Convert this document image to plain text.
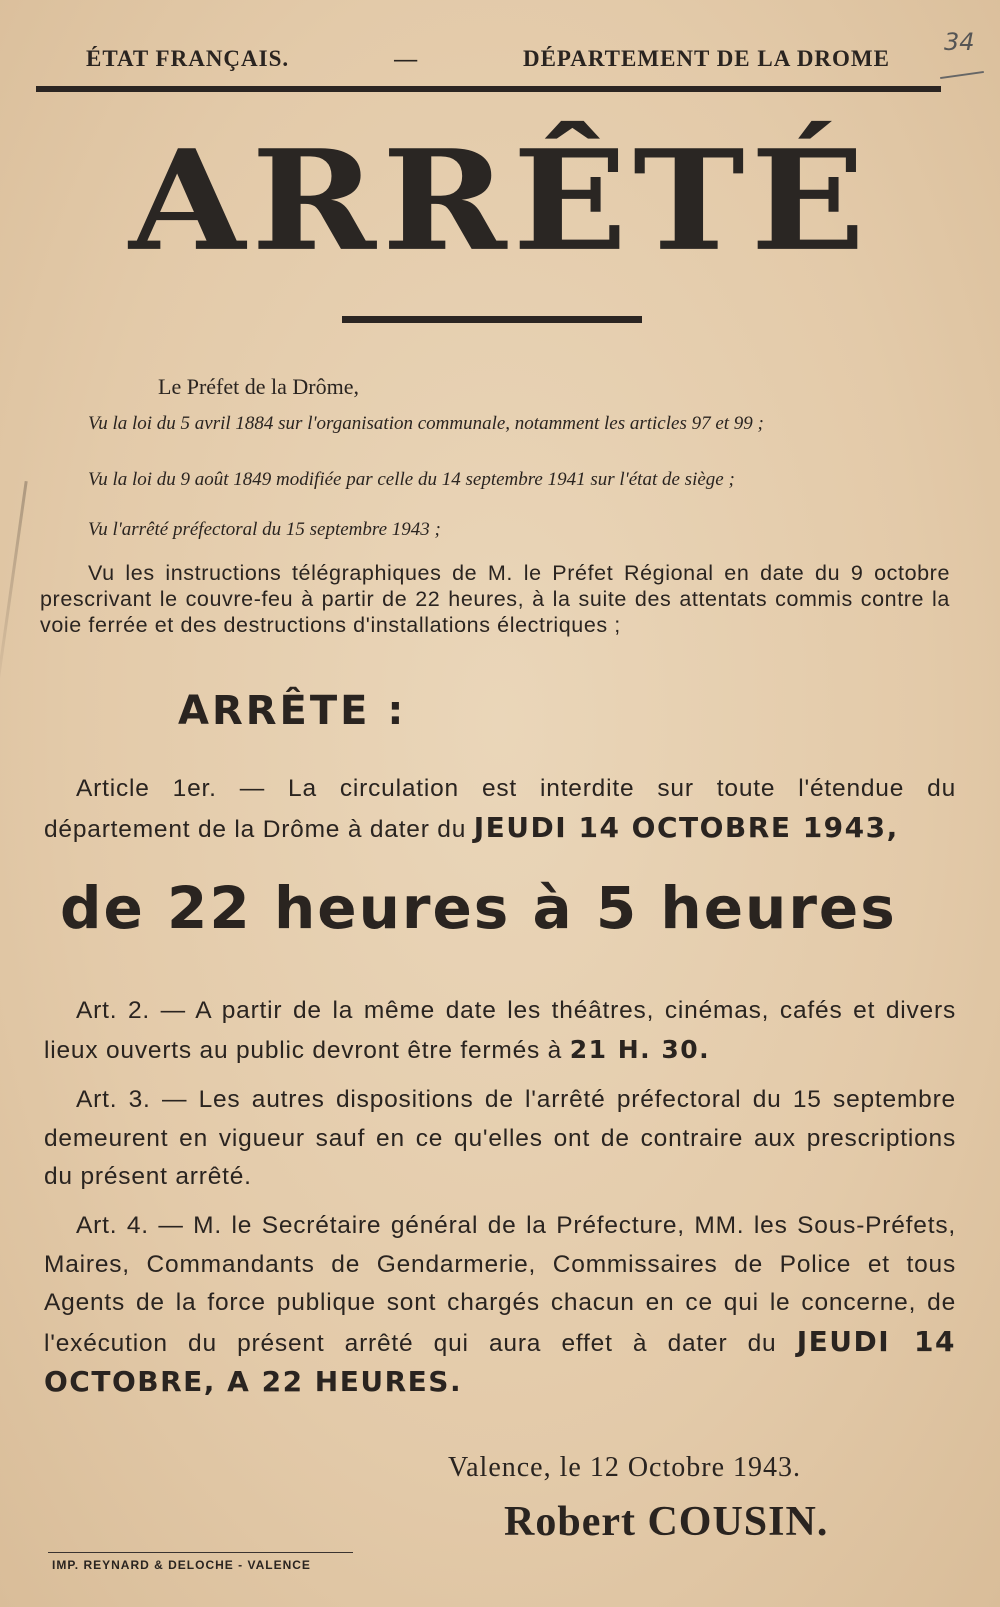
ÉTAT FRANÇAIS.	—	DÉPARTEMENT DE LA DROME
34
ARRÊTÉ
Le Préfet de la Drôme,
Vu la loi du 5 avril 1884 sur l'organisation communale, notamment les articles 97 et 99 ;
Vu la loi du 9 août 1849 modifiée par celle du 14 septembre 1941 sur l'état de siège ;
Vu l'arrêté préfectoral du 15 septembre 1943 ;
Vu les instructions télégraphiques de M. le Préfet Régional en date du 9 octobre prescrivant le couvre-feu à partir de 22 heures, à la suite des attentats commis contre la voie ferrée et des destructions d'installations électriques ;
ARRÊTE :
Article 1er. — La circulation est interdite sur toute l'étendue du département de la Drôme à dater du JEUDI 14 OCTOBRE 1943,
de 22 heures à 5 heures
Art. 2. — A partir de la même date les théâtres, cinémas, cafés et divers lieux ouverts au public devront être fermés à 21 H. 30.
Art. 3. — Les autres dispositions de l'arrêté préfectoral du 15 septembre demeurent en vigueur sauf en ce qu'elles ont de contraire aux prescriptions du présent arrêté.
Art. 4. — M. le Secrétaire général de la Préfecture, MM. les Sous-Préfets, Maires, Commandants de Gendarmerie, Commissaires de Police et tous Agents de la force publique sont chargés chacun en ce qui le concerne, de l'exécution du présent arrêté qui aura effet à dater du JEUDI 14 OCTOBRE, A 22 HEURES.
Valence, le 12 Octobre 1943.
Robert COUSIN.
IMP. REYNARD & DELOCHE - VALENCE
